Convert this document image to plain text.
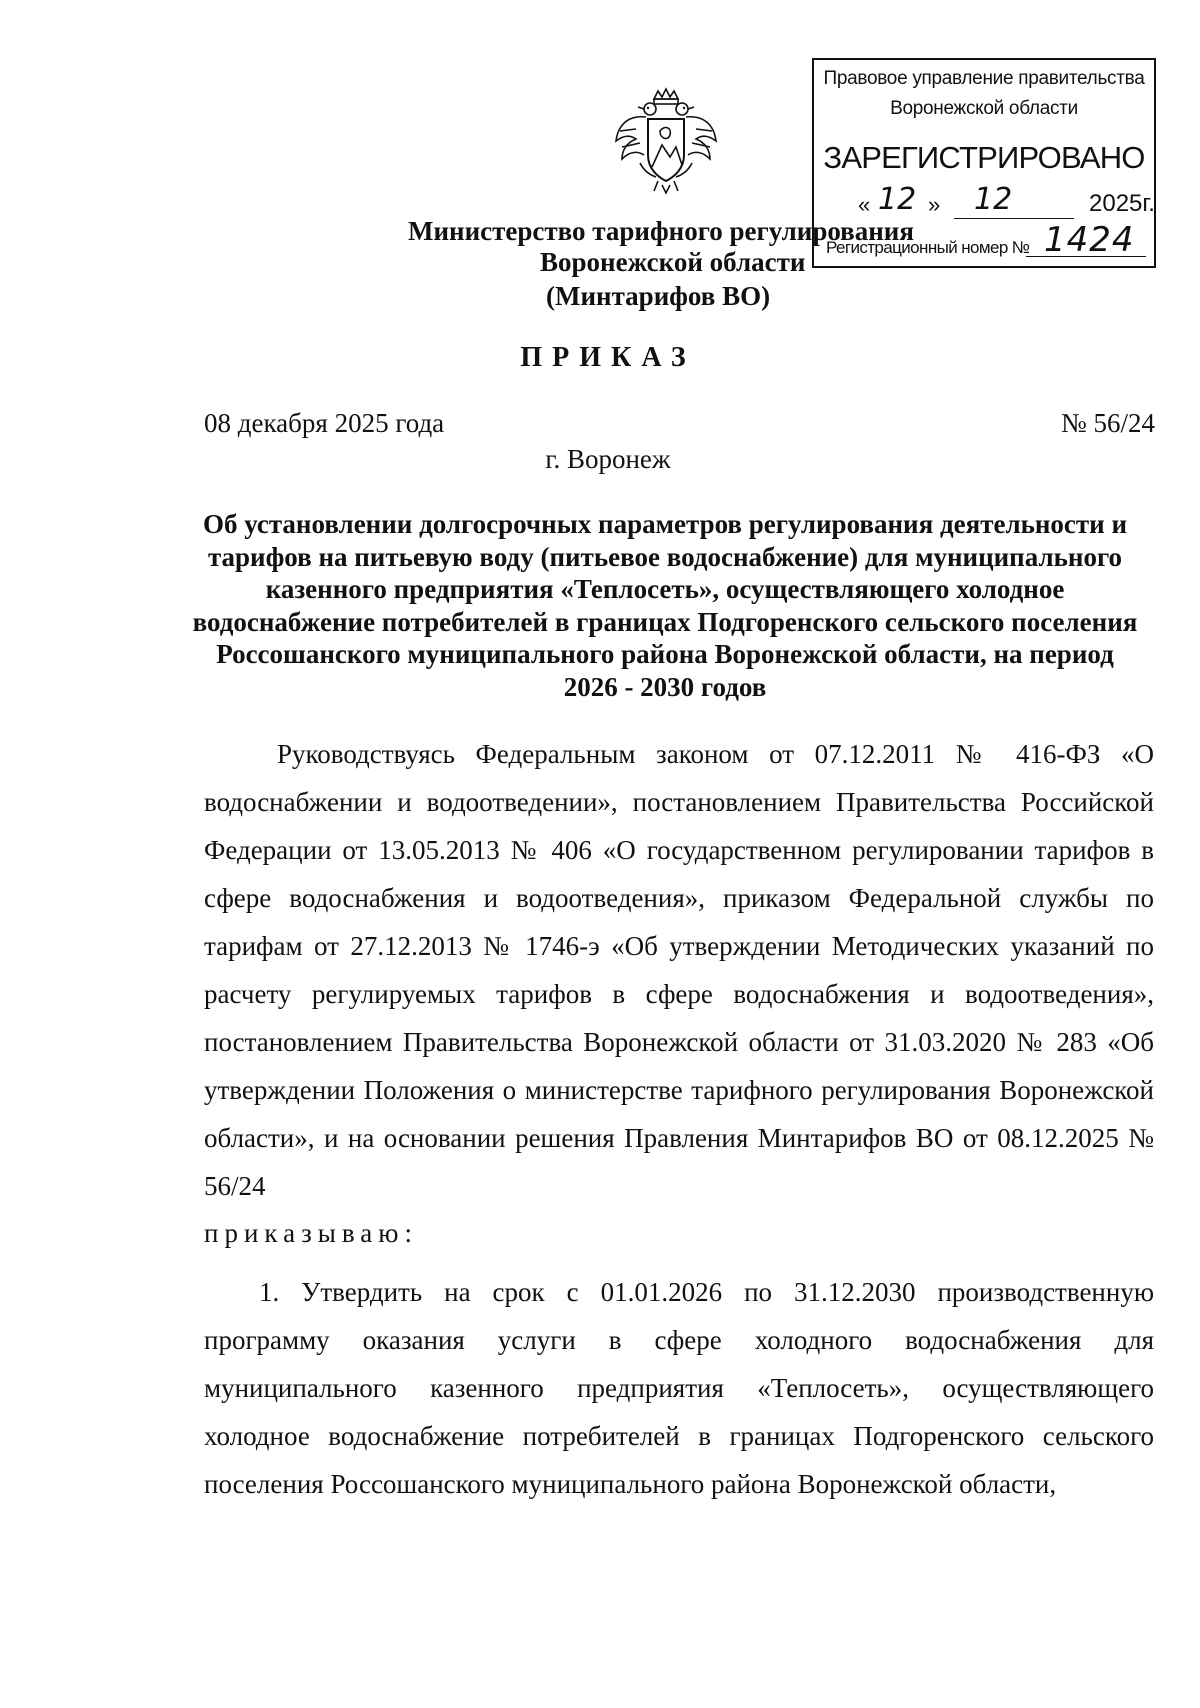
Правовое управление правительства
Воронежской области
ЗАРЕГИСТРИРОВАНО
« 12 » 12	2025г.
Регистрационный номер № 1424
Министерство тарифного регулирования
Воронежской области
(Минтарифов ВО)
ПРИКАЗ
08 декабря 2025 года	№ 56/24
г. Воронеж
Об установлении долгосрочных параметров регулирования деятельности и тарифов на питьевую воду (питьевое водоснабжение) для муниципального казенного предприятия «Теплосеть», осуществляющего холодное водоснабжение потребителей в границах Подгоренского сельского поселения Россошанского муниципального района Воронежской области, на период 2026 - 2030 годов

Руководствуясь Федеральным законом от 07.12.2011 № 416-ФЗ «О водоснабжении и водоотведении», постановлением Правительства Российской Федерации от 13.05.2013 № 406 «О государственном регулировании тарифов в сфере водоснабжения и водоотведения», приказом Федеральной службы по тарифам от 27.12.2013 № 1746-э «Об утверждении Методических указаний по расчету регулируемых тарифов в сфере водоснабжения и водоотведения», постановлением Правительства Воронежской области от 31.03.2020 № 283 «Об утверждении Положения о министерстве тарифного регулирования Воронежской области», и на основании решения Правления Минтарифов ВО от 08.12.2025 № 56/24

приказываю:

1. Утвердить на срок с 01.01.2026 по 31.12.2030 производственную программу оказания услуги в сфере холодного водоснабжения для муниципального казенного предприятия «Теплосеть», осуществляющего холодное водоснабжение потребителей в границах Подгоренского сельского поселения Россошанского муниципального района Воронежской области,
